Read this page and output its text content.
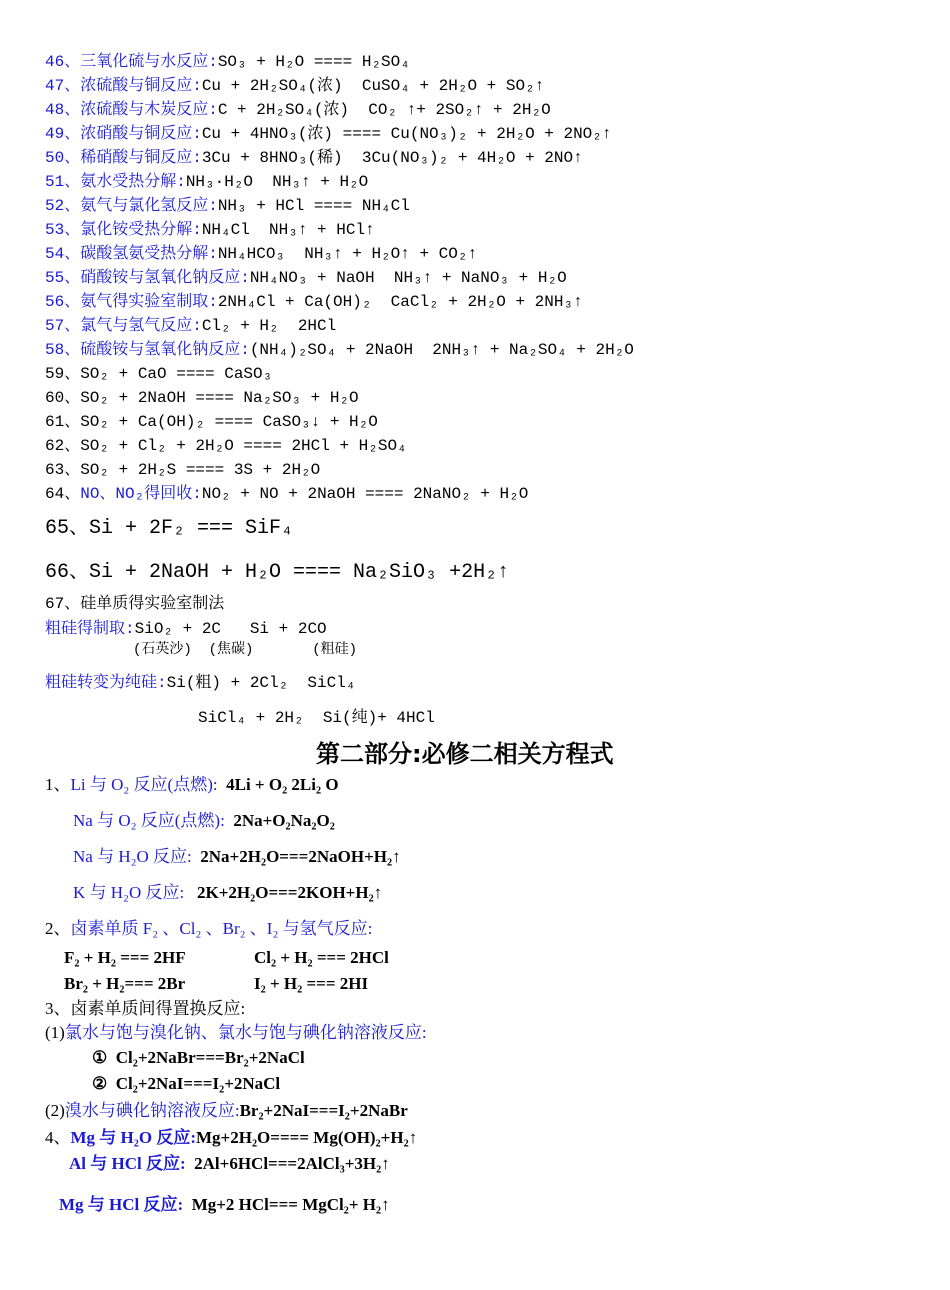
46、三氧化硫与水反应:SO₃ + H₂O ==== H₂SO₄
47、浓硫酸与铜反应:Cu + 2H₂SO₄(浓)  CuSO₄ + 2H₂O + SO₂↑
48、浓硫酸与木炭反应:C + 2H₂SO₄(浓)  CO₂ ↑+ 2SO₂↑ + 2H₂O
49、浓硝酸与铜反应:Cu + 4HNO₃(浓) ==== Cu(NO₃)₂ + 2H₂O + 2NO₂↑
50、稀硝酸与铜反应:3Cu + 8HNO₃(稀)  3Cu(NO₃)₂ + 4H₂O + 2NO↑
51、氨水受热分解:NH₃·H₂O  NH₃↑ + H₂O
52、氨气与氯化氢反应:NH₃ + HCl ==== NH₄Cl
53、氯化铵受热分解:NH₄Cl  NH₃↑ + HCl↑
54、碳酸氢氨受热分解:NH₄HCO₃  NH₃↑ + H₂O↑ + CO₂↑
55、硝酸铵与氢氧化钠反应:NH₄NO₃ + NaOH  NH₃↑ + NaNO₃ + H₂O
56、氨气得实验室制取:2NH₄Cl + Ca(OH)₂  CaCl₂ + 2H₂O + 2NH₃↑
57、氯气与氢气反应:Cl₂ + H₂  2HCl
58、硫酸铵与氢氧化钠反应:(NH₄)₂SO₄ + 2NaOH  2NH₃↑ + Na₂SO₄ + 2H₂O
59、SO₂ + CaO ==== CaSO₃
60、SO₂ + 2NaOH ==== Na₂SO₃ + H₂O
61、SO₂ + Ca(OH)₂ ==== CaSO₃↓ + H₂O
62、SO₂ + Cl₂ + 2H₂O ==== 2HCl + H₂SO₄
63、SO₂ + 2H₂S ==== 3S + 2H₂O
64、NO、NO₂得回收:NO₂ + NO + 2NaOH ==== 2NaNO₂ + H₂O
65、Si + 2F₂ === SiF₄
66、Si + 2NaOH + H₂O ==== Na₂SiO₃ +2H₂↑
67、硅单质得实验室制法
粗硅得制取:SiO₂ + 2C   Si + 2CO
(石英沙)  (焦碳)       (粗硅)
粗硅转变为纯硅:Si(粗) + 2Cl₂  SiCl₄
SiCl₄ + 2H₂  Si(纯)+ 4HCl
第二部分:必修二相关方程式
1、Li 与 O₂ 反应(点燃): 4Li + O₂ 2Li₂ O
Na 与 O₂ 反应(点燃): 2Na+O₂Na₂O₂
Na 与 H₂O 反应: 2Na+2H₂O===2NaOH+H₂↑
K 与 H₂O 反应: 2K+2H₂O===2KOH+H₂↑
2、卤素单质 F₂ 、Cl₂ 、Br₂ 、I₂ 与氢气反应:
F₂ + H₂ === 2HF	Cl₂ + H₂ === 2HCl
Br₂ + H₂=== 2Br	I₂ + H₂ === 2HI
3、卤素单质间得置换反应:
(1)氯水与饱与溴化钠、氯水与饱与碘化钠溶液反应:
①  Cl₂+2NaBr===Br₂+2NaCl
②  Cl₂+2NaI===I₂+2NaCl
(2)溴水与碘化钠溶液反应:Br₂+2NaI===I₂+2NaBr
4、Mg 与 H₂O 反应:Mg+2H₂O==== Mg(OH)₂+H₂↑
Al 与 HCl 反应: 2Al+6HCl===2AlCl₃+3H₂↑
Mg 与 HCl 反应: Mg+2 HCl=== MgCl₂+ H₂↑
